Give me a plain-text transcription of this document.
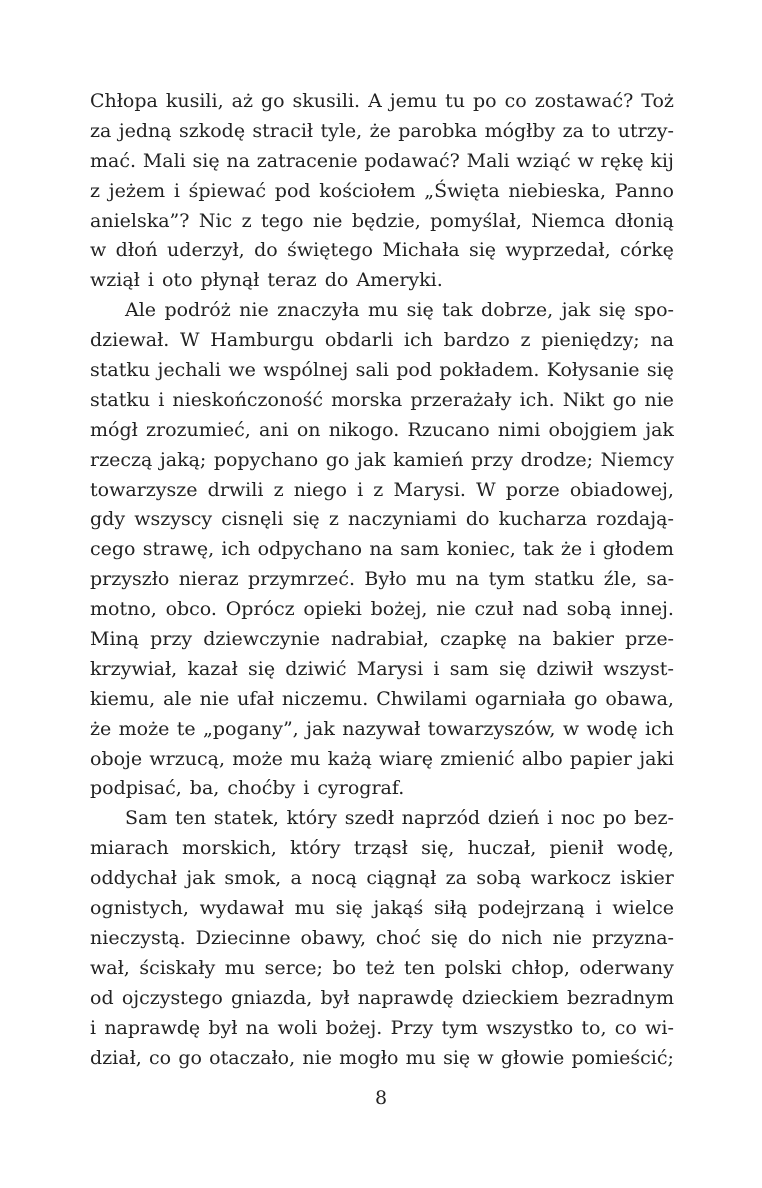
Chłopa kusili, aż go skusili. A jemu tu po co zostawać? Toż
za jedną szkodę stracił tyle, że parobka mógłby za to utrzy-
mać. Mali się na zatracenie podawać? Mali wziąć w rękę kij
z jeżem i śpiewać pod kościołem „Święta niebieska, Panno
anielska”? Nic z tego nie będzie, pomyślał, Niemca dłonią
w dłoń uderzył, do świętego Michała się wyprzedał, córkę
wziął i oto płynął teraz do Ameryki.
Ale podróż nie znaczyła mu się tak dobrze, jak się spo-
dziewał. W Hamburgu obdarli ich bardzo z pieniędzy; na
statku jechali we wspólnej sali pod pokładem. Kołysanie się
statku i nieskończoność morska przerażały ich. Nikt go nie
mógł zrozumieć, ani on nikogo. Rzucano nimi obojgiem jak
rzeczą jaką; popychano go jak kamień przy drodze; Niemcy
towarzysze drwili z niego i z Marysi. W porze obiadowej,
gdy wszyscy cisnęli się z naczyniami do kucharza rozdają-
cego strawę, ich odpychano na sam koniec, tak że i głodem
przyszło nieraz przymrzeć. Było mu na tym statku źle, sa-
motno, obco. Oprócz opieki bożej, nie czuł nad sobą innej.
Miną przy dziewczynie nadrabiał, czapkę na bakier prze-
krzywiał, kazał się dziwić Marysi i sam się dziwił wszyst-
kiemu, ale nie ufał niczemu. Chwilami ogarniała go obawa,
że może te „pogany”, jak nazywał towarzyszów, w wodę ich
oboje wrzucą, może mu każą wiarę zmienić albo papier jaki
podpisać, ba, choćby i cyrograf.
Sam ten statek, który szedł naprzód dzień i noc po bez-
miarach morskich, który trząsł się, huczał, pienił wodę,
oddychał jak smok, a nocą ciągnął za sobą warkocz iskier
ognistych, wydawał mu się jakąś siłą podejrzaną i wielce
nieczystą. Dziecinne obawy, choć się do nich nie przyzna-
wał, ściskały mu serce; bo też ten polski chłop, oderwany
od ojczystego gniazda, był naprawdę dzieckiem bezradnym
i naprawdę był na woli bożej. Przy tym wszystko to, co wi-
dział, co go otaczało, nie mogło mu się w głowie pomieścić;
8
